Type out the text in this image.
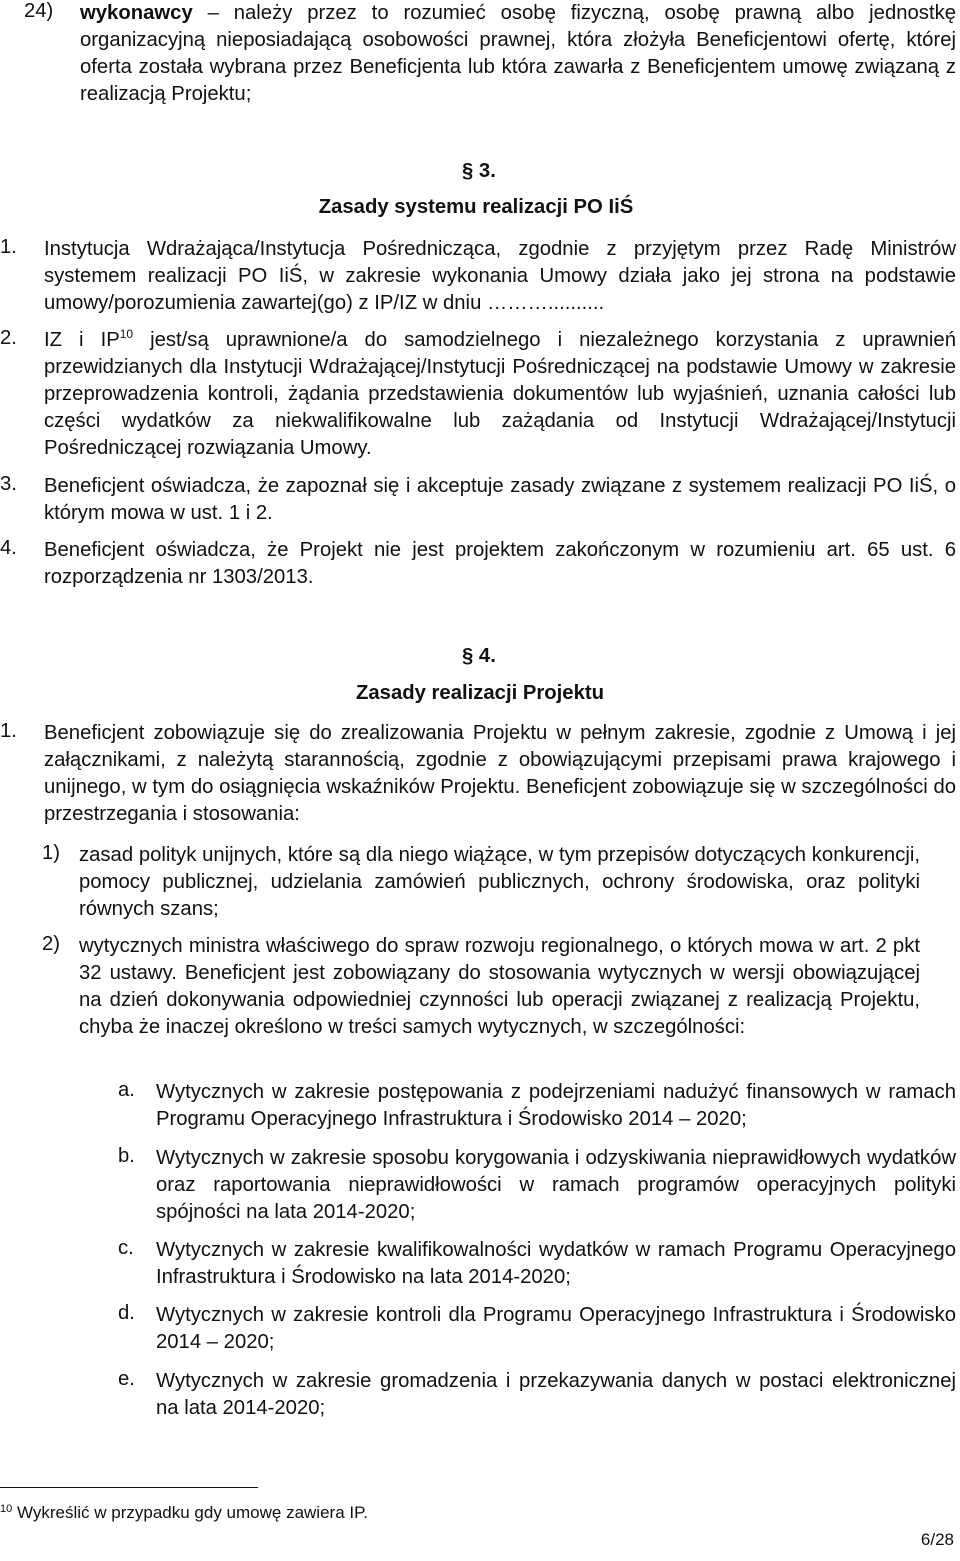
24)	wykonawcy – należy przez to rozumieć osobę fizyczną, osobę prawną albo jednostkę organizacyjną nieposiadającą osobowości prawnej, która złożyła Beneficjentowi ofertę, której oferta została wybrana przez Beneficjenta lub która zawarła z Beneficjentem umowę związaną z realizacją Projektu;

§ 3.
Zasady systemu realizacji PO IiŚ
1. Instytucja Wdrażająca/Instytucja Pośrednicząca, zgodnie z przyjętym przez Radę Ministrów systemem realizacji PO IiŚ, w zakresie wykonania Umowy działa jako jej strona na podstawie umowy/porozumienia zawartej(go) z IP/IZ w dniu ………..........

2. IZ i IP$^{10}$ jest/są uprawnione/a do samodzielnego i niezależnego korzystania z uprawnień przewidzianych dla Instytucji Wdrażającej/Instytucji Pośredniczącej na podstawie Umowy w zakresie przeprowadzenia kontroli, żądania przedstawienia dokumentów lub wyjaśnień, uznania całości lub części wydatków za niekwalifikowalne lub zażądania od Instytucji Wdrażającej/Instytucji Pośredniczącej rozwiązania Umowy.

3. Beneficjent oświadcza, że zapoznał się i akceptuje zasady związane z systemem realizacji PO IiŚ, o którym mowa w ust. 1 i 2.

4. Beneficjent oświadcza, że Projekt nie jest projektem zakończonym w rozumieniu art. 65 ust. 6 rozporządzenia nr 1303/2013.

§ 4.
Zasady realizacji Projektu
1. Beneficjent zobowiązuje się do zrealizowania Projektu w pełnym zakresie, zgodnie z Umową i jej załącznikami, z należytą starannością, zgodnie z obowiązującymi przepisami prawa krajowego i unijnego, w tym do osiągnięcia wskaźników Projektu. Beneficjent zobowiązuje się w szczególności do przestrzegania i stosowania:

1) zasad polityk unijnych, które są dla niego wiążące, w tym przepisów dotyczących konkurencji, pomocy publicznej, udzielania zamówień publicznych, ochrony środowiska, oraz polityki równych szans;

2) wytycznych ministra właściwego do spraw rozwoju regionalnego, o których mowa w art. 2 pkt 32 ustawy. Beneficjent jest zobowiązany do stosowania wytycznych w wersji obowiązującej na dzień dokonywania odpowiedniej czynności lub operacji związanej z realizacją Projektu, chyba że inaczej określono w treści samych wytycznych, w szczególności:

a. Wytycznych w zakresie postępowania z podejrzeniami nadużyć finansowych w ramach Programu Operacyjnego Infrastruktura i Środowisko 2014 – 2020;

b. Wytycznych w zakresie sposobu korygowania i odzyskiwania nieprawidłowych wydatków oraz raportowania nieprawidłowości w ramach programów operacyjnych polityki spójności na lata 2014-2020;

c. Wytycznych w zakresie kwalifikowalności wydatków w ramach Programu Operacyjnego Infrastruktura i Środowisko na lata 2014-2020;

d. Wytycznych w zakresie kontroli dla Programu Operacyjnego Infrastruktura i Środowisko 2014 – 2020;

e. Wytycznych w zakresie gromadzenia i przekazywania danych w postaci elektronicznej na lata 2014-2020;

$^{10}$ Wykreślić w przypadku gdy umowę zawiera IP.
6/28
